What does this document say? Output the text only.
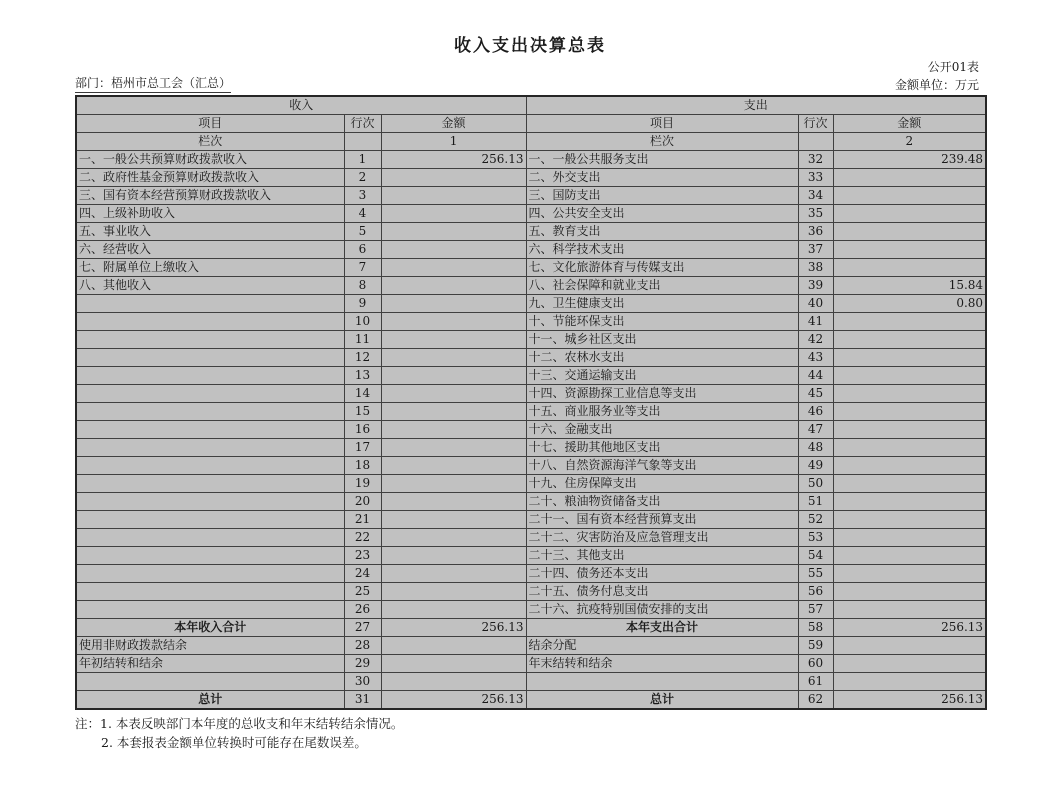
收入支出决算总表
公开01表
部门：梧州市总工会（汇总）	金额单位：万元
收入			支出		
项目	行次	金额	项目	行次	金额
栏次		1	栏次		2
一、一般公共预算财政拨款收入	1	256.13	一、一般公共服务支出	32	239.48
二、政府性基金预算财政拨款收入	2		二、外交支出	33	
三、国有资本经营预算财政拨款收入	3		三、国防支出	34	
四、上级补助收入	4		四、公共安全支出	35	
五、事业收入	5		五、教育支出	36	
六、经营收入	6		六、科学技术支出	37	
七、附属单位上缴收入	7		七、文化旅游体育与传媒支出	38	
八、其他收入	8		八、社会保障和就业支出	39	15.84
	9		九、卫生健康支出	40	0.80
	10		十、节能环保支出	41	
	11		十一、城乡社区支出	42	
	12		十二、农林水支出	43	
	13		十三、交通运输支出	44	
	14		十四、资源勘探工业信息等支出	45	
	15		十五、商业服务业等支出	46	
	16		十六、金融支出	47	
	17		十七、援助其他地区支出	48	
	18		十八、自然资源海洋气象等支出	49	
	19		十九、住房保障支出	50	
	20		二十、粮油物资储备支出	51	
	21		二十一、国有资本经营预算支出	52	
	22		二十二、灾害防治及应急管理支出	53	
	23		二十三、其他支出	54	
	24		二十四、债务还本支出	55	
	25		二十五、债务付息支出	56	
	26		二十六、抗疫特别国债安排的支出	57	
本年收入合计	27	256.13	本年支出合计	58	256.13
使用非财政拨款结余	28		结余分配	59	
年初结转和结余	29		年末结转和结余	60	
	30			61	
总计	31	256.13	总计	62	256.13
注：1. 本表反映部门本年度的总收支和年末结转结余情况。
2. 本套报表金额单位转换时可能存在尾数误差。
